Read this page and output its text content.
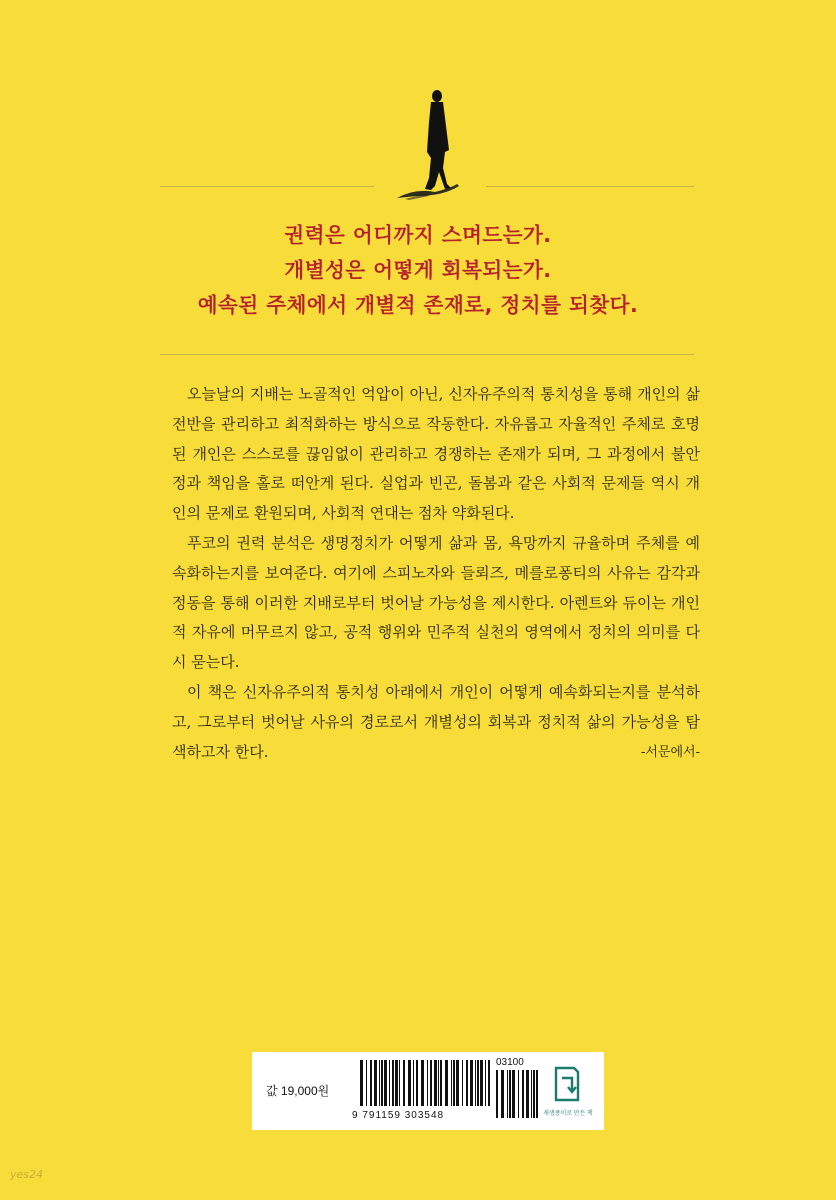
권력은 어디까지 스며드는가.
개별성은 어떻게 회복되는가.
예속된 주체에서 개별적 존재로, 정치를 되찾다.

오늘날의 지배는 노골적인 억압이 아닌, 신자유주의적 통치성을 통해 개인의 삶 전반을 관리하고 최적화하는 방식으로 작동한다. 자유롭고 자율적인 주체로 호명된 개인은 스스로를 끊임없이 관리하고 경쟁하는 존재가 되며, 그 과정에서 불안정과 책임을 홀로 떠안게 된다. 실업과 빈곤, 돌봄과 같은 사회적 문제들 역시 개인의 문제로 환원되며, 사회적 연대는 점차 약화된다.

푸코의 권력 분석은 생명정치가 어떻게 삶과 몸, 욕망까지 규율하며 주체를 예속화하는지를 보여준다. 여기에 스피노자와 들뢰즈, 메를로퐁티의 사유는 감각과 정동을 통해 이러한 지배로부터 벗어날 가능성을 제시한다. 아렌트와 듀이는 개인적 자유에 머무르지 않고, 공적 행위와 민주적 실천의 영역에서 정치의 의미를 다시 묻는다.

이 책은 신자유주의적 통치성 아래에서 개인이 어떻게 예속화되는지를 분석하고, 그로부터 벗어날 사유의 경로로서 개별성의 회복과 정치적 삶의 가능성을 탐색하고자 한다.	-서문에서-

값 19,000원
9 791159 303548
03100
재생종이로 만든 책
yes24
